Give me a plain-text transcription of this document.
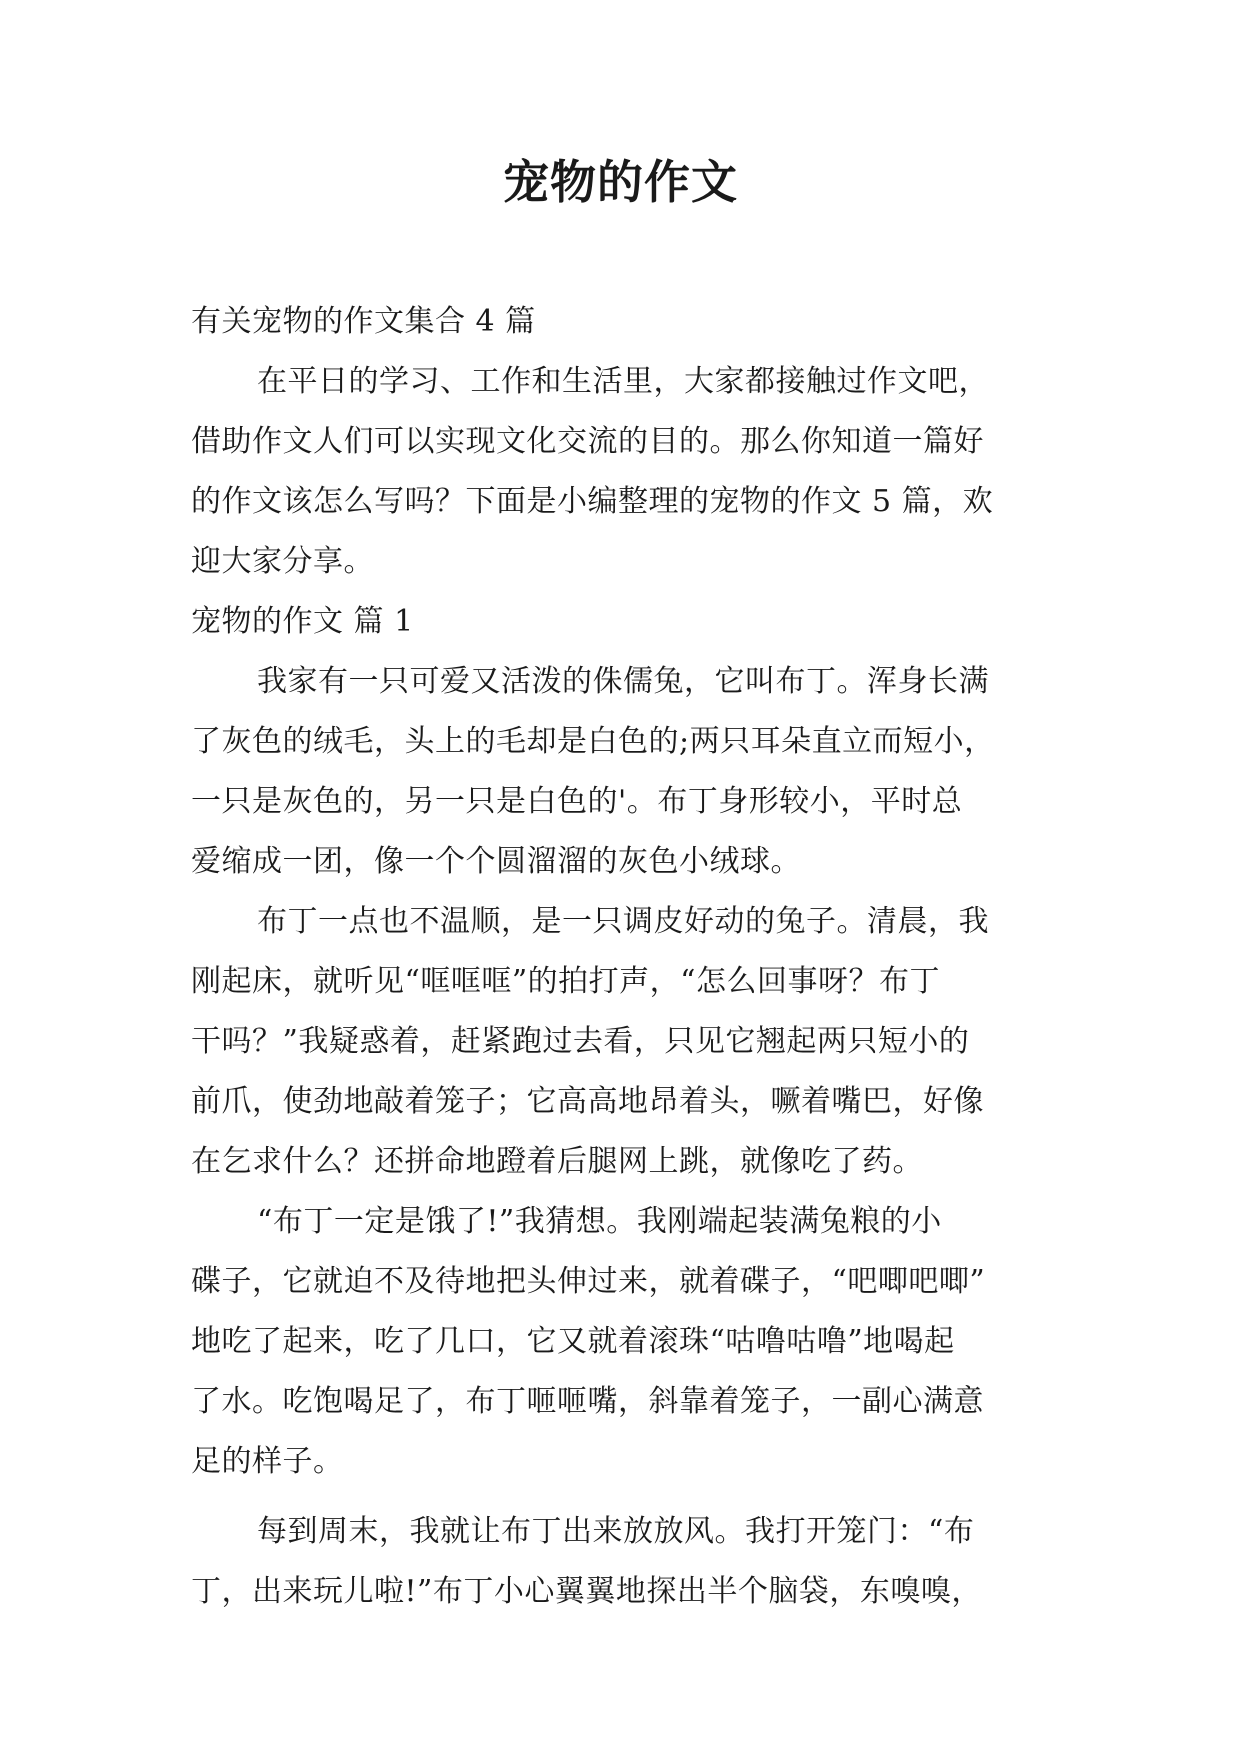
宠物的作文
有关宠物的作文集合 4 篇
在平日的学习、工作和生活里，大家都接触过作文吧，
借助作文人们可以实现文化交流的目的。那么你知道一篇好
的作文该怎么写吗？下面是小编整理的宠物的作文 5 篇，欢
迎大家分享。
宠物的作文 篇 1
我家有一只可爱又活泼的侏儒兔，它叫布丁。浑身长满
了灰色的绒毛，头上的毛却是白色的;两只耳朵直立而短小，
一只是灰色的，另一只是白色的'。布丁身形较小，平时总
爱缩成一团，像一个个圆溜溜的灰色小绒球。
布丁一点也不温顺，是一只调皮好动的兔子。清晨，我
刚起床，就听见“哐哐哐”的拍打声，“怎么回事呀？布丁
干吗？”我疑惑着，赶紧跑过去看，只见它翘起两只短小的
前爪，使劲地敲着笼子；它高高地昂着头，噘着嘴巴，好像
在乞求什么？还拼命地蹬着后腿网上跳，就像吃了药。
“布丁一定是饿了!”我猜想。我刚端起装满兔粮的小
碟子，它就迫不及待地把头伸过来，就着碟子，“吧唧吧唧”
地吃了起来，吃了几口，它又就着滚珠“咕噜咕噜”地喝起
了水。吃饱喝足了，布丁咂咂嘴，斜靠着笼子，一副心满意
足的样子。
每到周末，我就让布丁出来放放风。我打开笼门：“布
丁，出来玩儿啦!”布丁小心翼翼地探出半个脑袋，东嗅嗅，
